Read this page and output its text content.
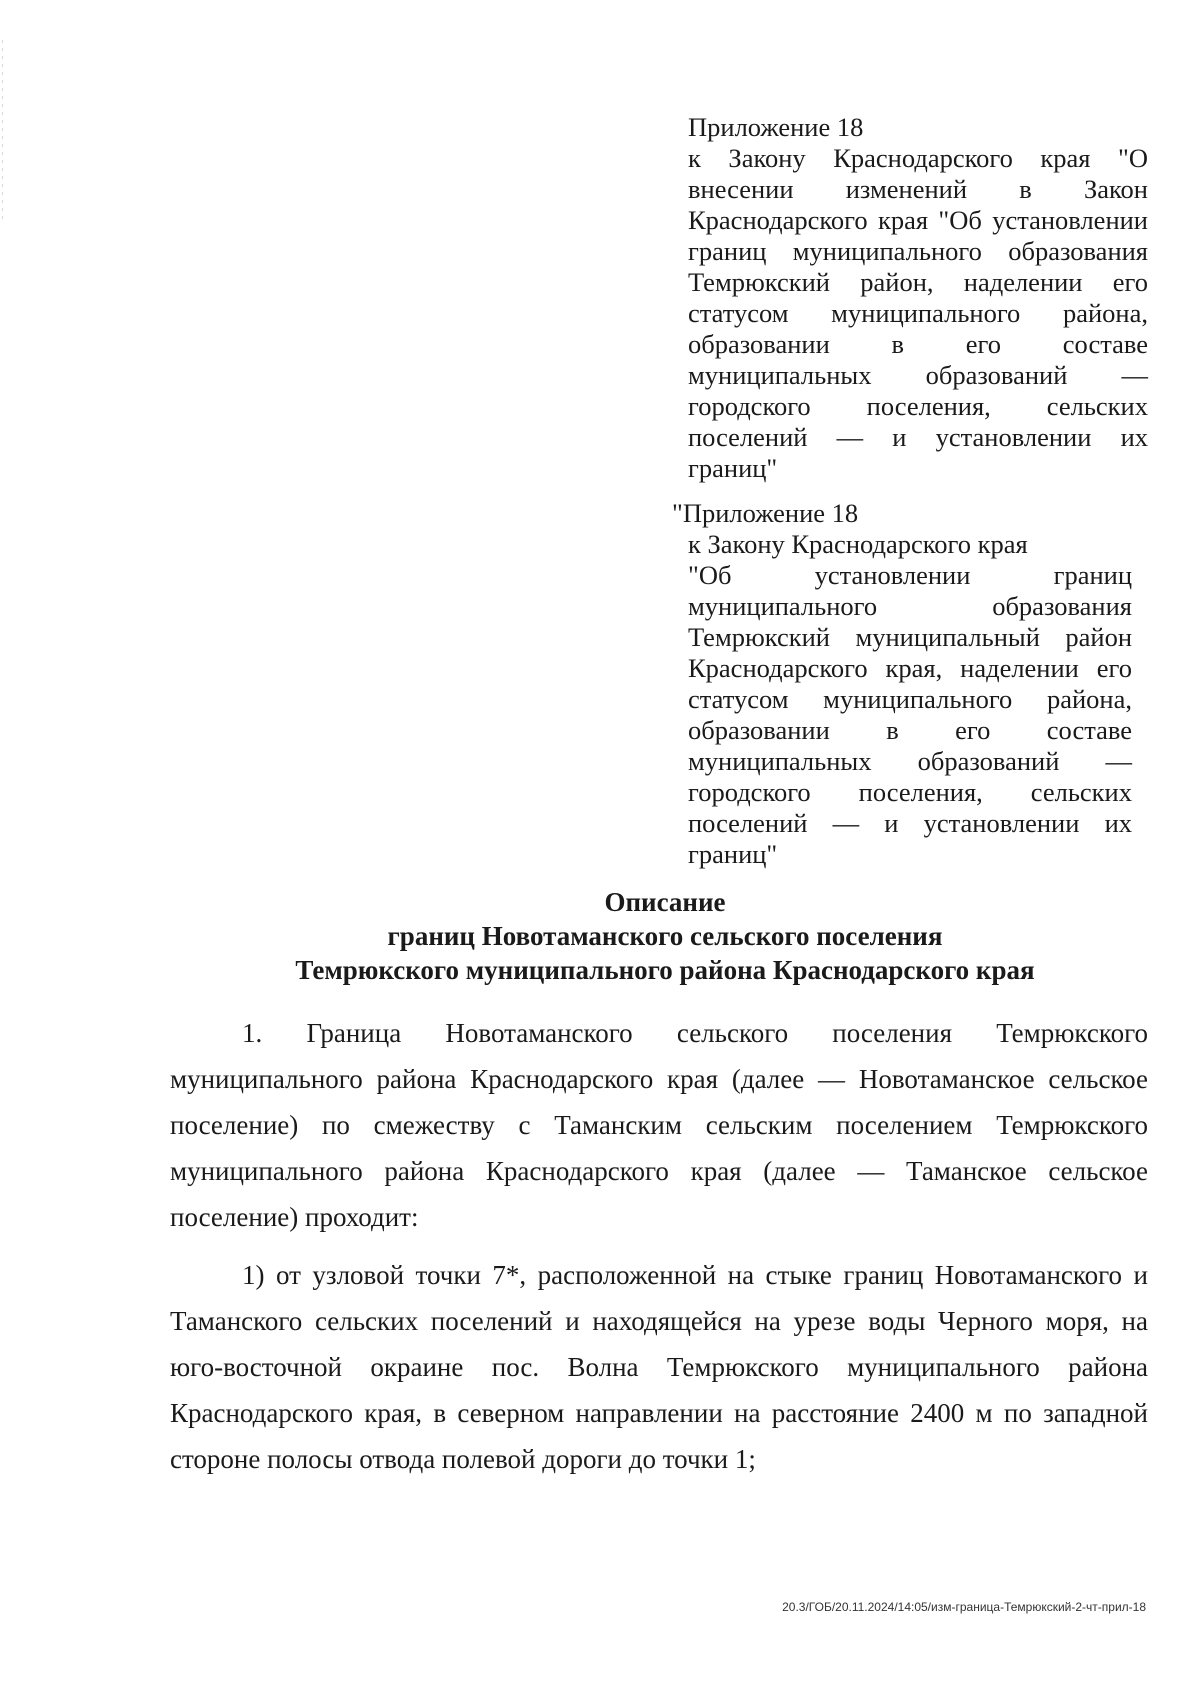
Приложение 18
к Закону Краснодарского края "О внесении изменений в Закон Краснодарского края "Об установлении границ муниципального образования Темрюкский район, наделении его статусом муниципального района, образовании в его составе муниципальных образований — городского поселения, сельских поселений — и установлении их границ"
"Приложение 18
к Закону Краснодарского края
"Об установлении границ муниципального образования Темрюкский муниципальный район Краснодарского края, наделении его статусом муниципального района, образовании в его составе муниципальных образований — городского поселения, сельских поселений — и установлении их границ"
Описание
границ Новотаманского сельского поселения
Темрюкского муниципального района Краснодарского края

1. Граница Новотаманского сельского поселения Темрюкского муниципального района Краснодарского края (далее — Новотаманское сельское поселение) по смежеству с Таманским сельским поселением Темрюкского муниципального района Краснодарского края (далее — Таманское сельское поселение) проходит:

1) от узловой точки 7*, расположенной на стыке границ Новотаманского и Таманского сельских поселений и находящейся на урезе воды Черного моря, на юго-восточной окраине пос. Волна Темрюкского муниципального района Краснодарского края, в северном направлении на расстояние 2400 м по западной стороне полосы отвода полевой дороги до точки 1;

20.3/ГОБ/20.11.2024/14:05/изм-граница-Темрюкский-2-чт-прил-18
